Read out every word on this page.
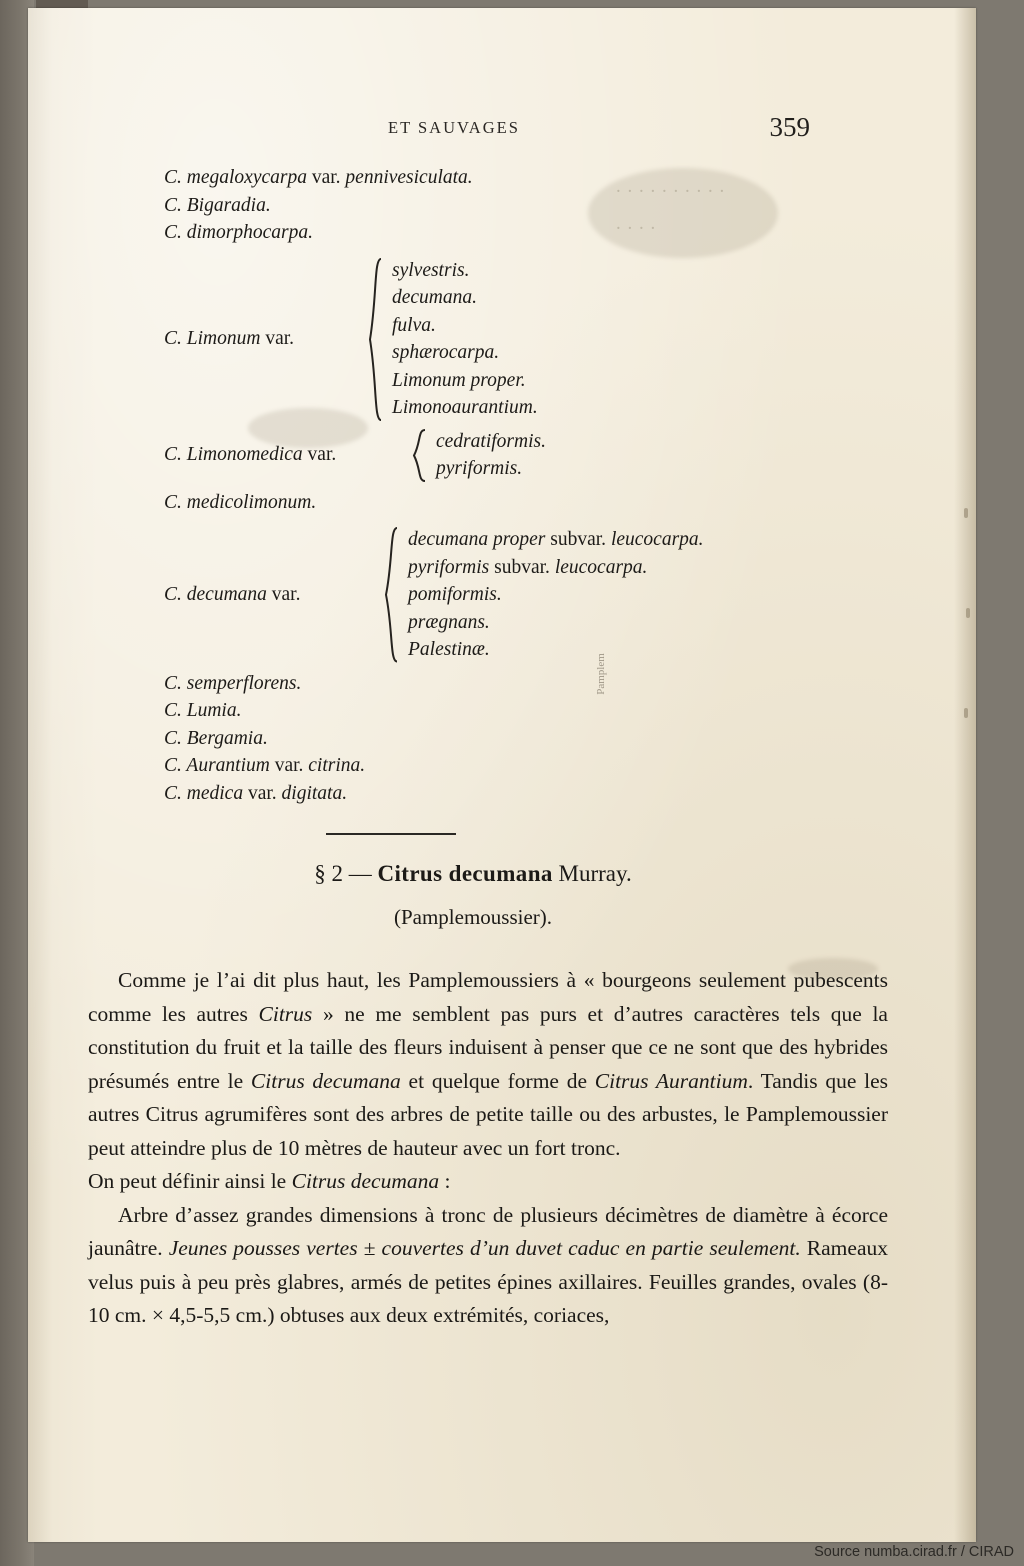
. . . . . . . . . .
. . . .
Pamplem
ET SAUVAGES	359
C. megaloxycarpa var. pennivesiculata.
C. Bigaradia.
C. dimorphocarpa.
C. Limonum var.
sylvestris.
decumana.
fulva.
sphærocarpa.
Limonum proper.
Limonoaurantium.
C. Limonomedica var.
cedratiformis.
pyriformis.
C. medicolimonum.
C. decumana var.
decumana proper subvar. leucocarpa.
pyriformis subvar. leucocarpa.
pomiformis.
prægnans.
Palestinæ.
C. semperflorens.
C. Lumia.
C. Bergamia.
C. Aurantium var. citrina.
C. medica var. digitata.
§ 2 — Citrus decumana Murray.
(Pamplemoussier).

Comme je l’ai dit plus haut, les Pamplemoussiers à « bourgeons seulement pubescents comme les autres Citrus » ne me semblent pas purs et d’autres caractères tels que la constitution du fruit et la taille des fleurs induisent à penser que ce ne sont que des hybrides présumés entre le Citrus decumana et quelque forme de Citrus Aurantium. Tandis que les autres Citrus agrumifères sont des arbres de petite taille ou des arbustes, le Pamplemoussier peut atteindre plus de 10 mètres de hauteur avec un fort tronc.

On peut définir ainsi le Citrus decumana :

Arbre d’assez grandes dimensions à tronc de plusieurs décimètres de diamètre à écorce jaunâtre. Jeunes pousses vertes ± couvertes d’un duvet caduc en partie seulement. Rameaux velus puis à peu près glabres, armés de petites épines axillaires. Feuilles grandes, ovales (8-10 cm. × 4,5-5,5 cm.) obtuses aux deux extrémités, coriaces,

Source numba.cirad.fr / CIRAD
